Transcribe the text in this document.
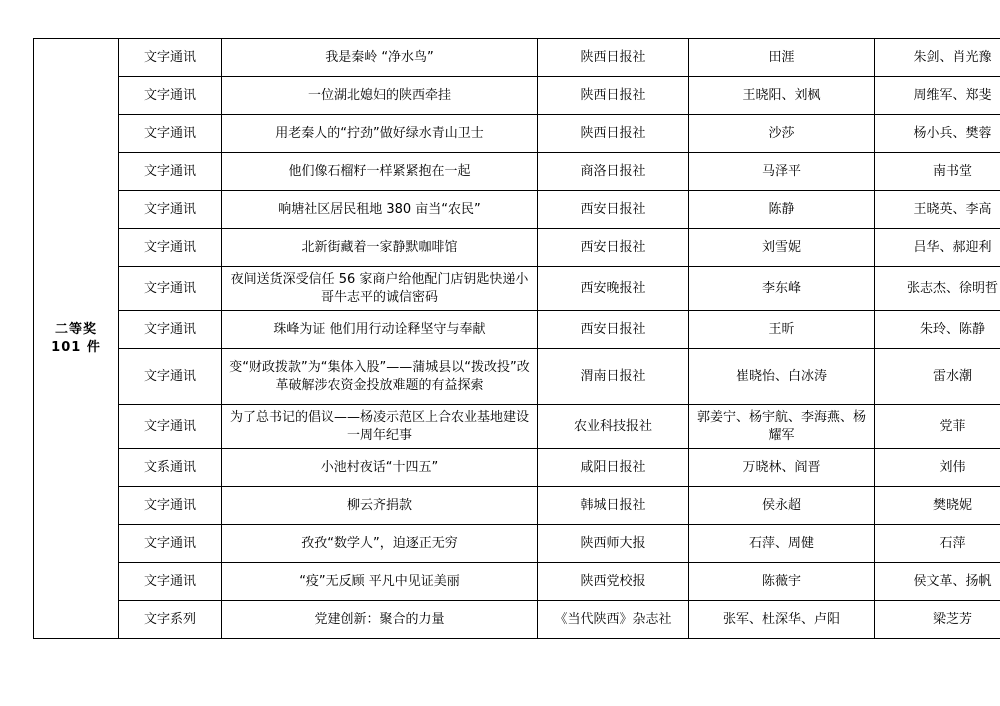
二等奖
101 件	文字通讯	我是秦岭 “净水鸟”	陕西日报社	田涯	朱剑、肖光豫
	文字通讯	一位湖北媳妇的陕西牵挂	陕西日报社	王晓阳、刘枫	周维军、郑斐
	文字通讯	用老秦人的“拧劲”做好绿水青山卫士	陕西日报社	沙莎	杨小兵、樊蓉
	文字通讯	他们像石榴籽一样紧紧抱在一起	商洛日报社	马泽平	南书堂
	文字通讯	响塘社区居民租地 380 亩当“农民”	西安日报社	陈静	王晓英、李高
	文字通讯	北新街藏着一家静默咖啡馆	西安日报社	刘雪妮	吕华、郝迎利
	文字通讯	夜间送货深受信任 56 家商户给他配门店钥匙快递小哥牛志平的诚信密码	西安晚报社	李东峰	张志杰、徐明哲
	文字通讯	珠峰为证 他们用行动诠释坚守与奉献	西安日报社	王昕	朱玲、陈静
	文字通讯	变“财政拨款”为“集体入股”——蒲城县以“拨改投”改革破解涉农资金投放难题的有益探索	渭南日报社	崔晓怡、白冰涛	雷水潮
	文字通讯	为了总书记的倡议——杨凌示范区上合农业基地建设一周年纪事	农业科技报社	郭姜宁、杨宇航、李海燕、杨耀军	党菲
	文系通讯	小池村夜话“十四五”	咸阳日报社	万晓林、阎晋	刘伟
	文字通讯	柳云齐捐款	韩城日报社	侯永超	樊晓妮
	文字通讯	孜孜“数学人”，迫逐正无穷	陕西师大报	石萍、周健	石萍
	文字通讯	“疫”无反顾 平凡中见证美丽	陕西党校报	陈薇宇	侯文革、扬帆
	文字系列	党建创新：聚合的力量	《当代陕西》杂志社	张军、杜深华、卢阳	梁芝芳
